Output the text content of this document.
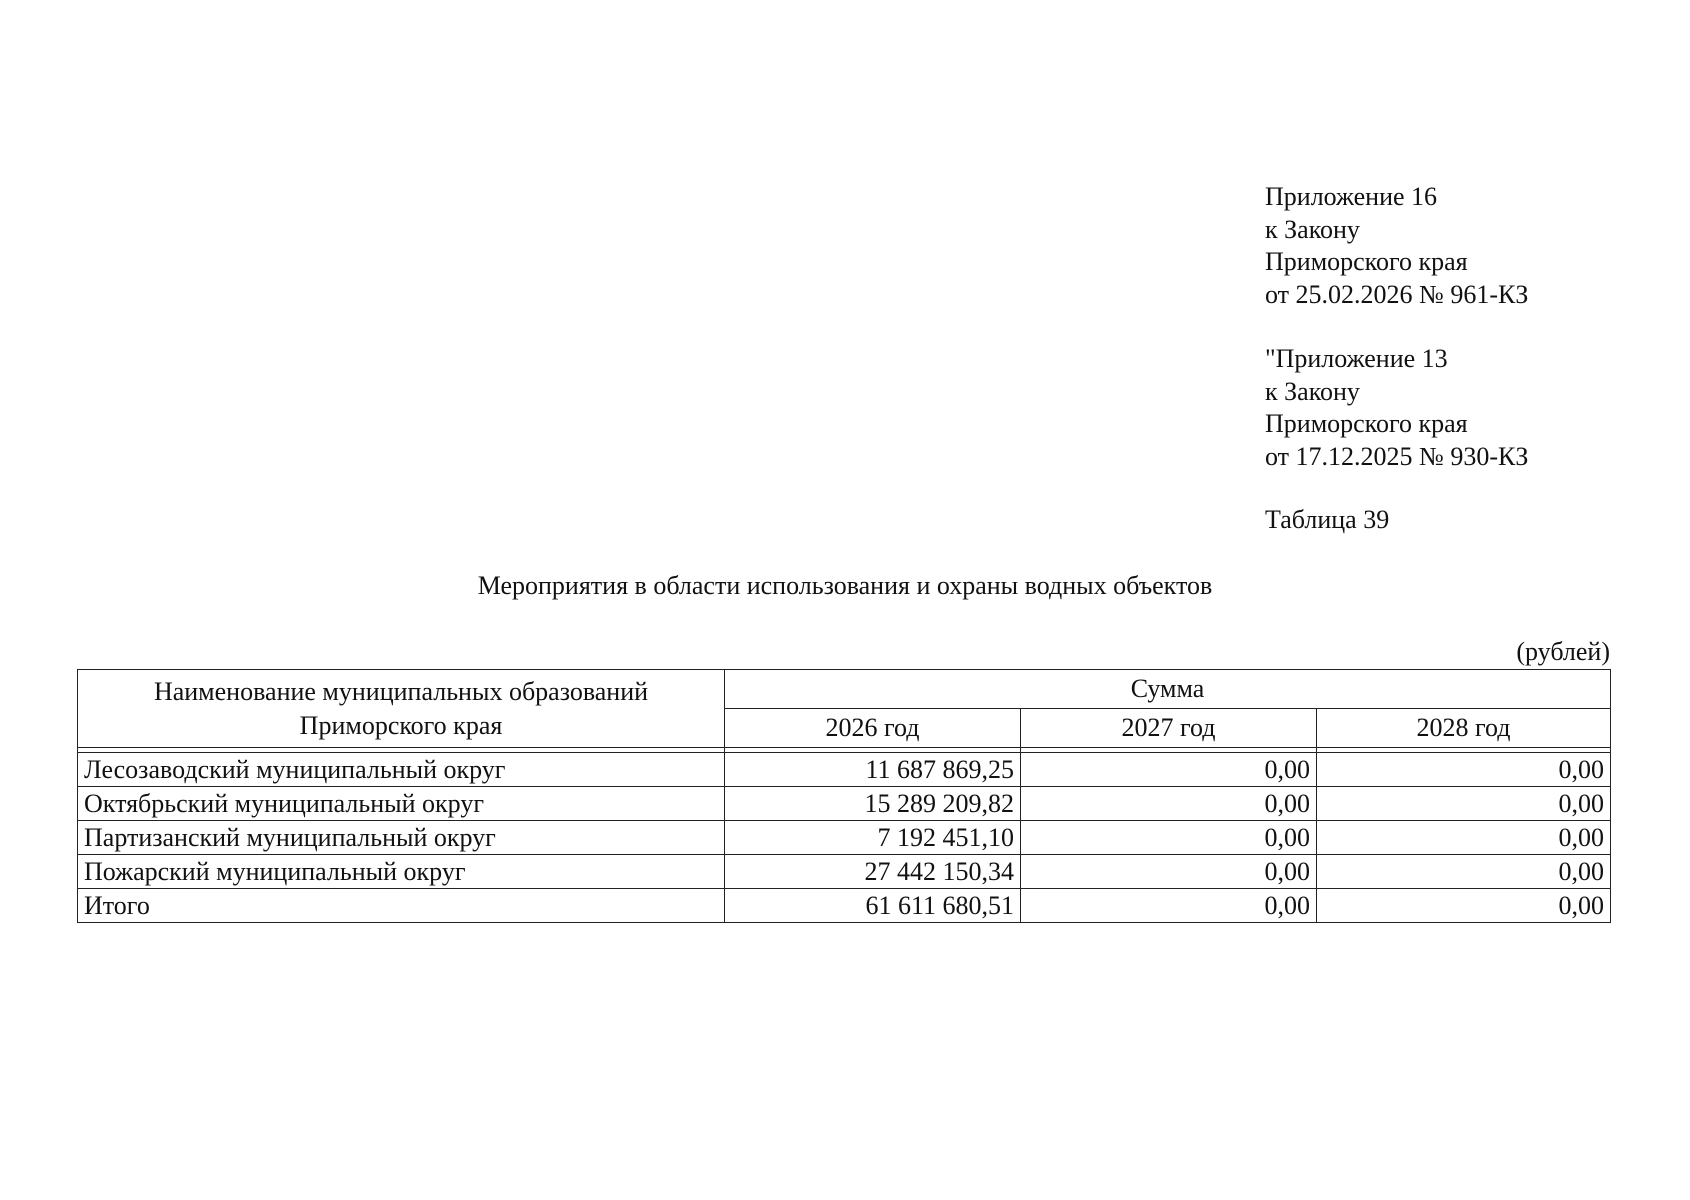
Приложение 16
к Закону
Приморского края
от 25.02.2026 № 961-КЗ
"Приложение 13
к Закону
Приморского края
от 17.12.2025 № 930-КЗ
Таблица 39
Мероприятия в области использования и охраны водных объектов
(рублей)
Наименование муниципальных образований
Приморского края	Сумма		
	2026 год	2027 год	2028 год

Лесозаводский муниципальный округ	11 687 869,25	0,00	0,00
Октябрьский муниципальный округ	15 289 209,82	0,00	0,00
Партизанский муниципальный округ	7 192 451,10	0,00	0,00
Пожарский муниципальный округ	27 442 150,34	0,00	0,00
Итого	61 611 680,51	0,00	0,00
